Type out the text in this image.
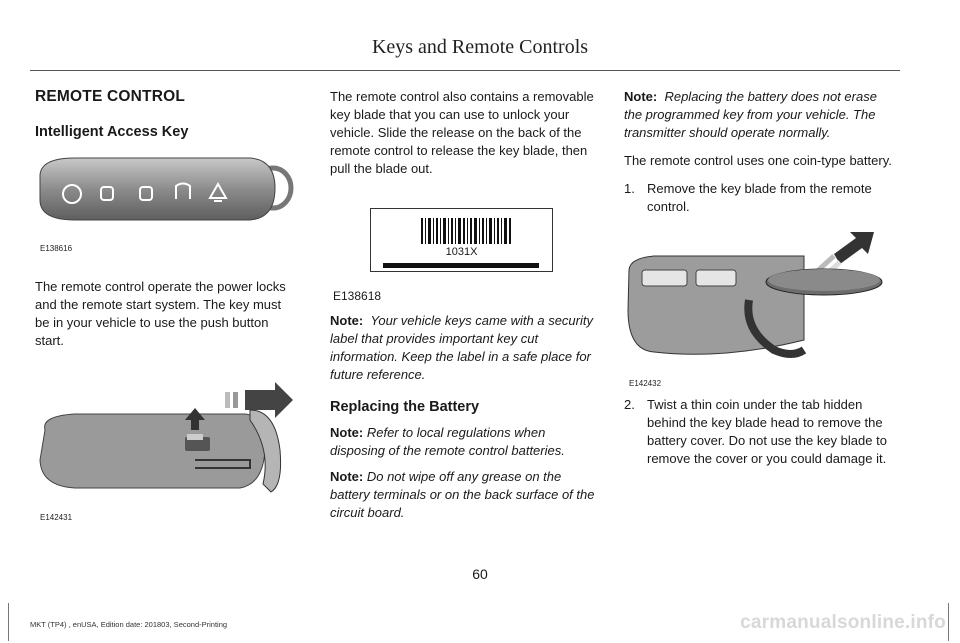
Keys and Remote Controls
REMOTE CONTROL
Intelligent Access Key
E138616

The remote control operate the power locks and the remote start system. The key must be in your vehicle to use the push button start.

E142431

The remote control also contains a removable key blade that you can use to unlock your vehicle. Slide the release on the back of the remote control to release the key blade, then pull the blade out.

1031X
E138618

Note: Your vehicle keys came with a security label that provides important key cut information. Keep the label in a safe place for future reference.

Replacing the Battery

Note: Refer to local regulations when disposing of the remote control batteries.

Note: Do not wipe off any grease on the battery terminals or on the back surface of the circuit board.

Note: Replacing the battery does not erase the programmed key from your vehicle. The transmitter should operate normally.

The remote control uses one coin-type battery.

1. Remove the key blade from the remote control.
E142432
2. Twist a thin coin under the tab hidden behind the key blade head to remove the battery cover. Do not use the key blade to remove the cover or you could damage it.
60
MKT (TP4) , enUSA, Edition date: 201803, Second-Printing	carmanualsonline.info
